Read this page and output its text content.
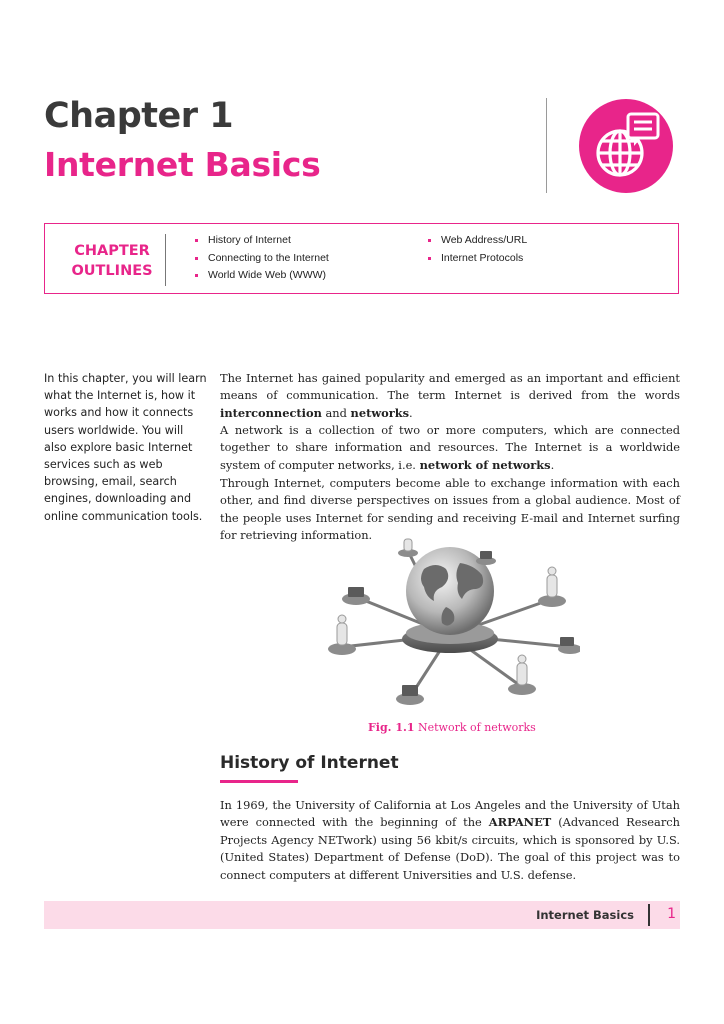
Chapter 1
Internet Basics
CHAPTER
OUTLINES
History of Internet
Connecting to the Internet
World Wide Web (WWW)
Web Address/URL
Internet Protocols
In this chapter, you will learn what the Internet is, how it works and how it connects users worldwide. You will also explore basic Internet services such as web browsing, email, search engines, downloading and online communication tools.

The Internet has gained popularity and emerged as an important and efficient means of communication. The term Internet is derived from the words interconnection and networks.

A network is a collection of two or more computers, which are connected together to share information and resources. The Internet is a worldwide system of computer networks, i.e. network of networks.

Through Internet, computers become able to exchange information with each other, and find diverse perspectives on issues from a global audience. Most of the people uses Internet for sending and receiving E-mail and Internet surfing for retrieving information.

Fig. 1.1 Network of networks
History of Internet

In 1969, the University of California at Los Angeles and the University of Utah were connected with the beginning of the ARPANET (Advanced Research Projects Agency NETwork) using 56 kbit/s circuits, which is sponsored by U.S. (United States) Department of Defense (DoD). The goal of this project was to connect computers at different Universities and U.S. defense.

Internet Basics 1
